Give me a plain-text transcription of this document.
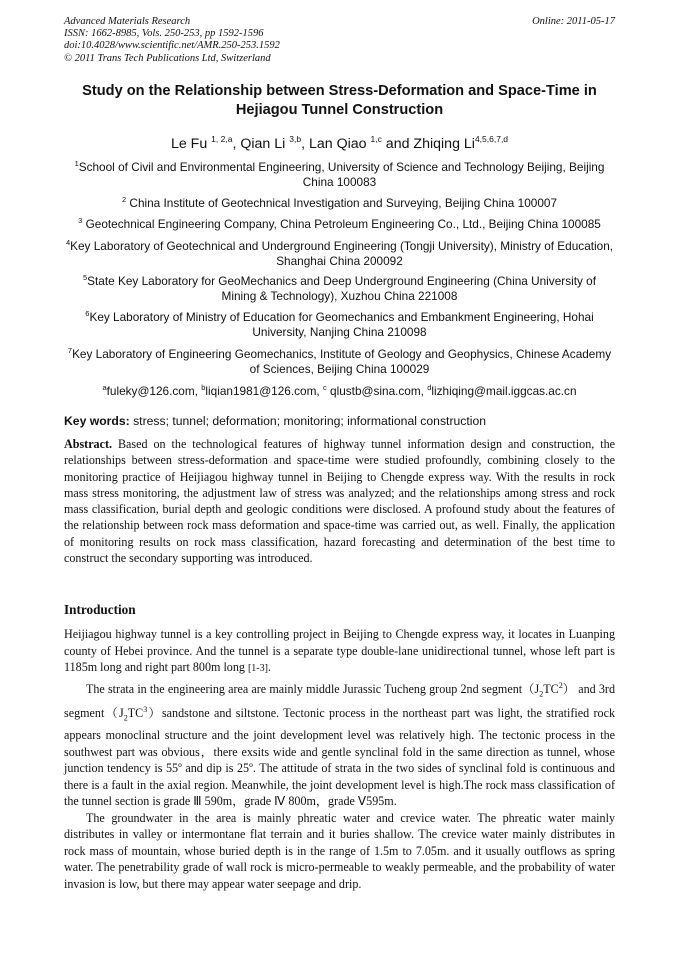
Advanced Materials Research
ISSN: 1662-8985, Vols. 250-253, pp 1592-1596
doi:10.4028/www.scientific.net/AMR.250-253.1592
© 2011 Trans Tech Publications Ltd, Switzerland
Online: 2011-05-17
Study on the Relationship between Stress-Deformation and Space-Time in Hejiagou Tunnel Construction
Le Fu $^{1, 2,a}$, Qian Li $^{3,b}$, Lan Qiao $^{1,c}$ and Zhiqing Li$^{4,5,6,7,d}$
$^1$School of Civil and Environmental Engineering, University of Science and Technology Beijing, Beijing China 100083
$^2$ China Institute of Geotechnical Investigation and Surveying, Beijing China 100007
$^3$ Geotechnical Engineering Company, China Petroleum Engineering Co., Ltd., Beijing China 100085
$^4$Key Laboratory of Geotechnical and Underground Engineering (Tongji University), Ministry of Education, Shanghai China 200092
$^5$State Key Laboratory for GeoMechanics and Deep Underground Engineering (China University of Mining & Technology), Xuzhou China 221008
$^6$Key Laboratory of Ministry of Education for Geomechanics and Embankment Engineering, Hohai University, Nanjing China 210098
$^7$Key Laboratory of Engineering Geomechanics, Institute of Geology and Geophysics, Chinese Academy of Sciences, Beijing China 100029
$^a$fuleky@126.com, $^b$liqian1981@126.com, $^c$ qlustb@sina.com, $^d$lizhiqing@mail.iggcas.ac.cn
Key words: stress; tunnel; deformation; monitoring; informational construction
Abstract. Based on the technological features of highway tunnel information design and construction, the relationships between stress-deformation and space-time were studied profoundly, combining closely to the monitoring practice of Heijiagou highway tunnel in Beijing to Chengde express way. With the results in rock mass stress monitoring, the adjustment law of stress was analyzed; and the relationships among stress and rock mass classification, burial depth and geologic conditions were disclosed. A profound study about the features of the relationship between rock mass deformation and space-time was carried out, as well. Finally, the application of monitoring results on rock mass classification, hazard forecasting and determination of the best time to construct the secondary supporting was introduced.
Introduction

Heijiagou highway tunnel is a key controlling project in Beijing to Chengde express way, it locates in Luanping county of Hebei province. And the tunnel is a separate type double-lane unidirectional tunnel, whose left part is 1185m long and right part 800m long [1-3].

The strata in the engineering area are mainly middle Jurassic Tucheng group 2nd $segment(J_2TC^2)$ and 3rd $segment(J_2TC^3)sandstone$ and siltstone. Tectonic process in the northeast part was light, the stratified rock appears monoclinal structure and the joint development level was relatively high. The tectonic process in the southwest part was obvious，there exsits wide and gentle synclinal fold in the same direction as tunnel, whose junction tendency is 55º and dip is 25º. The attitude of strata in the two sides of synclinal fold is continuous and there is a fault in the axial region. Meanwhile, the joint development level is high.The rock mass classification of the tunnel section is grade Ⅲ 590m，grade Ⅳ 800m，grade Ⅴ595m.

The groundwater in the area is mainly phreatic water and crevice water. The phreatic water mainly distributes in valley or intermontane flat terrain and it buries shallow. The crevice water mainly distributes in rock mass of mountain, whose buried depth is in the range of 1.5m to 7.05m. and it usually outflows as spring water. The penetrability grade of wall rock is micro-permeable to weakly permeable, and the probability of water invasion is low, but there may appear water seepage and drip.
